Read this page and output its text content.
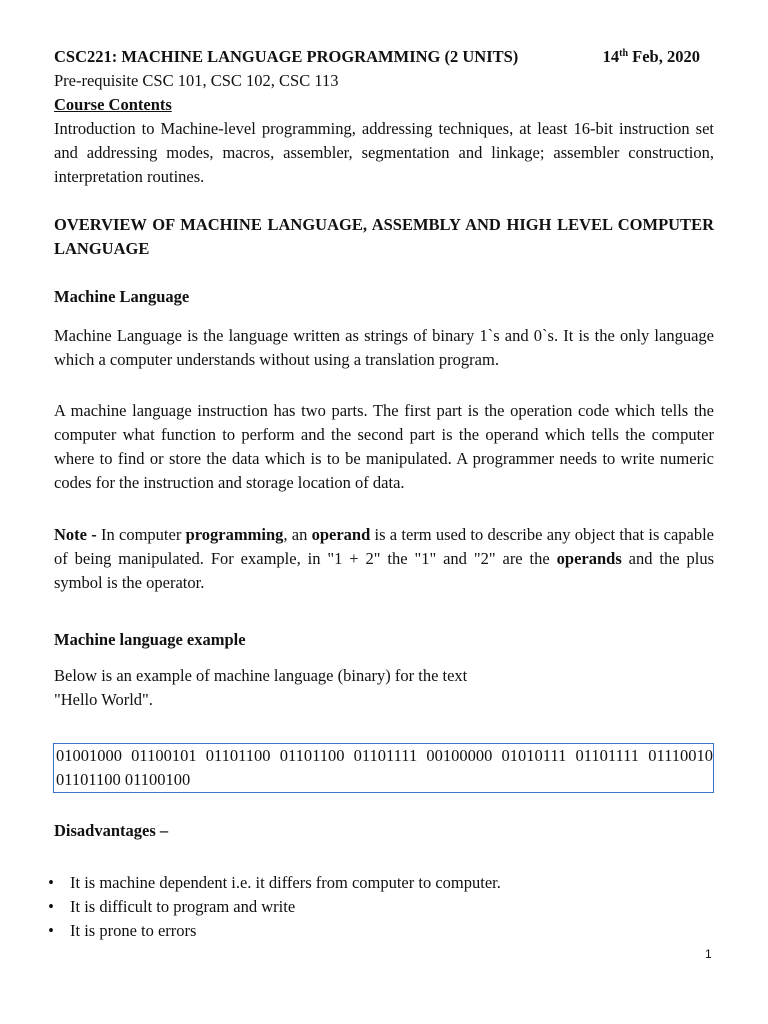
CSC221: MACHINE LANGUAGE PROGRAMMING (2 UNITS)	14th Feb, 2020
Pre-requisite CSC 101, CSC 102, CSC 113
Course Contents
Introduction to Machine-level programming, addressing techniques, at least 16-bit instruction set and addressing modes, macros, assembler, segmentation and linkage; assembler construction, interpretation routines.
OVERVIEW OF MACHINE LANGUAGE, ASSEMBLY AND HIGH LEVEL COMPUTER LANGUAGE
Machine Language
Machine Language is the language written as strings of binary 1`s and 0`s. It is the only language which a computer understands without using a translation program.
A machine language instruction has two parts. The first part is the operation code which tells the computer what function to perform and the second part is the operand which tells the computer where to find or store the data which is to be manipulated. A programmer needs to write numeric codes for the instruction and storage location of data.
Note - In computer programming, an operand is a term used to describe any object that is capable of being manipulated. For example, in "1 + 2" the "1" and "2" are the operands and the plus symbol is the operator.
Machine language example
Below is an example of machine language (binary) for the text
"Hello World".
01001000 01100101 01101100 01101100 01101111 00100000 01010111 01101111 01110010 01101100 01100100
Disadvantages –
• It is machine dependent i.e. it differs from computer to computer.
• It is difficult to program and write
• It is prone to errors
1
